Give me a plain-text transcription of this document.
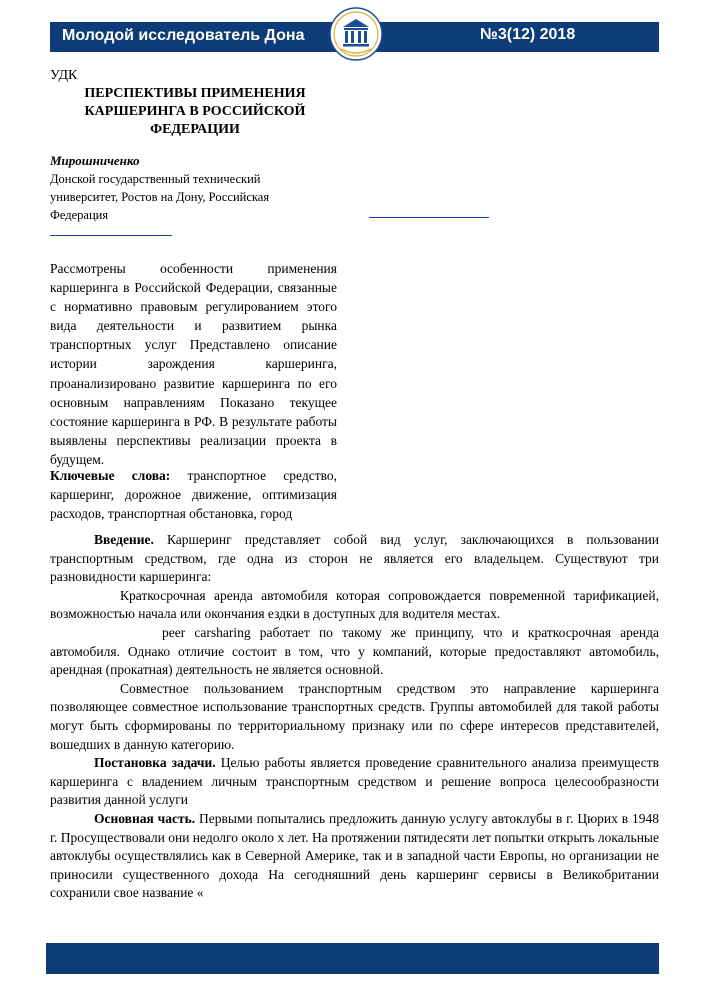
Молодой исследователь Дона	№3(12) 2018
УДК
ПЕРСПЕКТИВЫ ПРИМЕНЕНИЯ КАРШЕРИНГА В РОССИЙСКОЙ ФЕДЕРАЦИИ
Мирошниченко
Донской государственный технический университет, Ростов на Дону, Российская Федерация

Рассмотрены особенности применения каршеринга в Российской Федерации, связанные с нормативно правовым регулированием этого вида деятельности и развитием рынка транспортных услуг Представлено описание истории зарождения каршеринга, проанализировано развитие каршеринга по его основным направлениям Показано текущее состояние каршеринга в РФ. В результате работы выявлены перспективы реализации проекта в будущем.

Ключевые слова: транспортное средство, каршеринг, дорожное движение, оптимизация расходов, транспортная обстановка, город

Введение. Каршеринг представляет собой вид услуг, заключающихся в пользовании транспортным средством, где одна из сторон не является его владельцем. Существуют три разновидности каршеринга:

Краткосрочная аренда автомобиля которая сопровождается повременной тарификацией, возможностью начала или окончания ездки в доступных для водителя местах.

peer carsharing работает по такому же принципу, что и краткосрочная аренда автомобиля. Однако отличие состоит в том, что у компаний, которые предоставляют автомобиль, арендная (прокатная) деятельность не является основной.

Совместное пользованием транспортным средством это направление каршеринга позволяющее совместное использование транспортных средств. Группы автомобилей для такой работы могут быть сформированы по территориальному признаку или по сфере интересов представителей, вошедших в данную категорию.

Постановка задачи. Целью работы является проведение сравнительного анализа преимуществ каршеринга с владением личным транспортным средством и решение вопроса целесообразности развития данной услуги

Основная часть. Первыми попытались предложить данную услугу автоклубы в г. Цюрих в 1948 г. Просуществовали они недолго около х лет. На протяжении пятидесяти лет попытки открыть локальные автоклубы осуществлялись как в Северной Америке, так и в западной части Европы, но организации не приносили существенного дохода На сегодняшний день каршеринг сервисы в Великобритании сохранили свое название «
